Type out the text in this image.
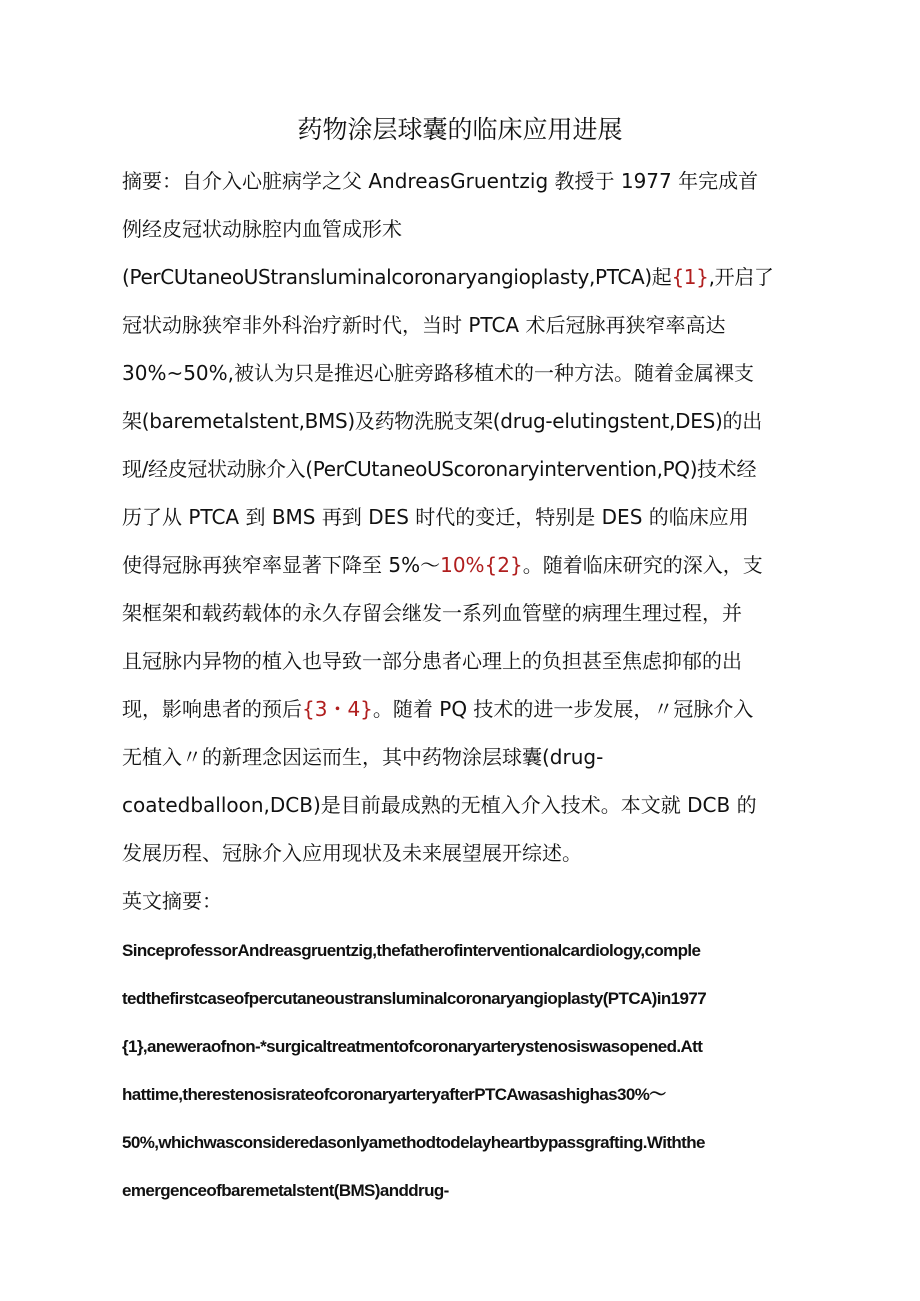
药物涂层球囊的临床应用进展
摘要：自介入心脏病学之父 AndreasGruentzig 教授于 1977 年完成首
例经皮冠状动脉腔内血管成形术
(PerCUtaneoUStransluminalcoronaryangioplasty,PTCA)起{1},开启了
冠状动脉狭窄非外科治疗新时代，当时 PTCA 术后冠脉再狭窄率高达
30%~50%,被认为只是推迟心脏旁路移植术的一种方法。随着金属裸支
架(baremetalstent,BMS)及药物洗脱支架(drug-elutingstent,DES)的出
现/经皮冠状动脉介入(PerCUtaneoUScoronaryintervention,PQ)技术经
历了从 PTCA 到 BMS 再到 DES 时代的变迁，特别是 DES 的临床应用
使得冠脉再狭窄率显著下降至 5%～10%{2}。随着临床研究的深入，支
架框架和载药载体的永久存留会继发一系列血管壁的病理生理过程，并
且冠脉内异物的植入也导致一部分患者心理上的负担甚至焦虑抑郁的出
现，影响患者的预后{3・4}。随着 PQ 技术的进一步发展，〃冠脉介入
无植入〃的新理念因运而生，其中药物涂层球囊(drug-
coatedballoon,DCB)是目前最成熟的无植入介入技术。本文就 DCB 的
发展历程、冠脉介入应用现状及未来展望展开综述。
英文摘要：
SinceprofessorAndreasgruentzig,thefatherofinterventionalcardiology,comple
tedthefirstcaseofpercutaneoustransluminalcoronaryangioplasty(PTCA)in1977
{1},aneweraofnon-*surgicaltreatmentofcoronaryarterystenosiswasopened.Att
hattime,therestenosisrateofcoronaryarteryafterPTCAwasashighas30%～
50%,whichwasconsideredasonlyamethodtodelayheartbypassgrafting.Withthe
emergenceofbaremetalstent(BMS)anddrug-
